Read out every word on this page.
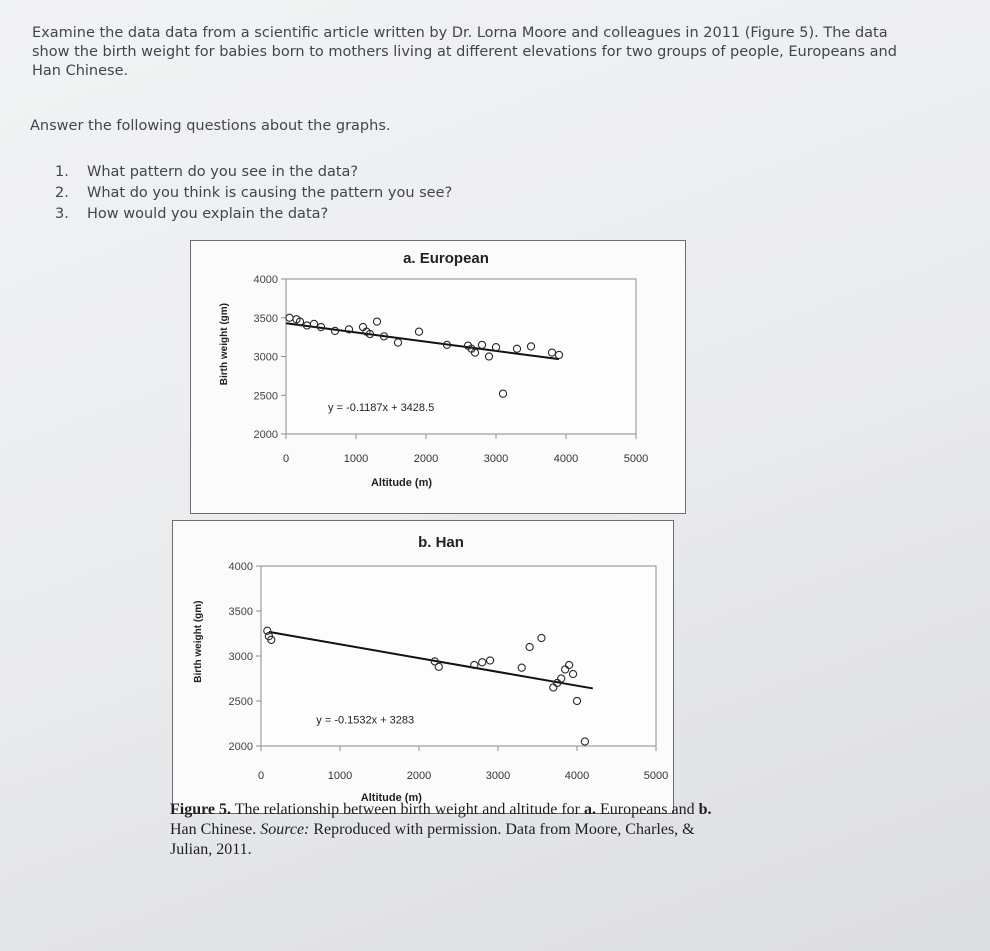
Examine the data data from a scientific article written by Dr. Lorna Moore and colleagues in 2011 (Figure 5). The data show the birth weight for babies born to mothers living at different elevations for two groups of people, Europeans and Han Chinese.
Answer the following questions about the graphs.
1.	What pattern do you see in the data?
2.	What do you think is causing the pattern you see?
3.	How would you explain the data?
4000
3500
3000
2500
2000
0	1000	2000	3000	4000	5000
a. European
Altitude (m)
Birth weight (gm)
y = -0.1187x + 3428.5
4000
3500
3000
2500
2000
0	1000	2000	3000	4000	5000
b. Han
Altitude (m)
Birth weight (gm)
y = -0.1532x + 3283
Figure 5. The relationship between birth weight and altitude for a. Europeans and b. Han Chinese. Source: Reproduced with permission. Data from Moore, Charles, & Julian, 2011.
